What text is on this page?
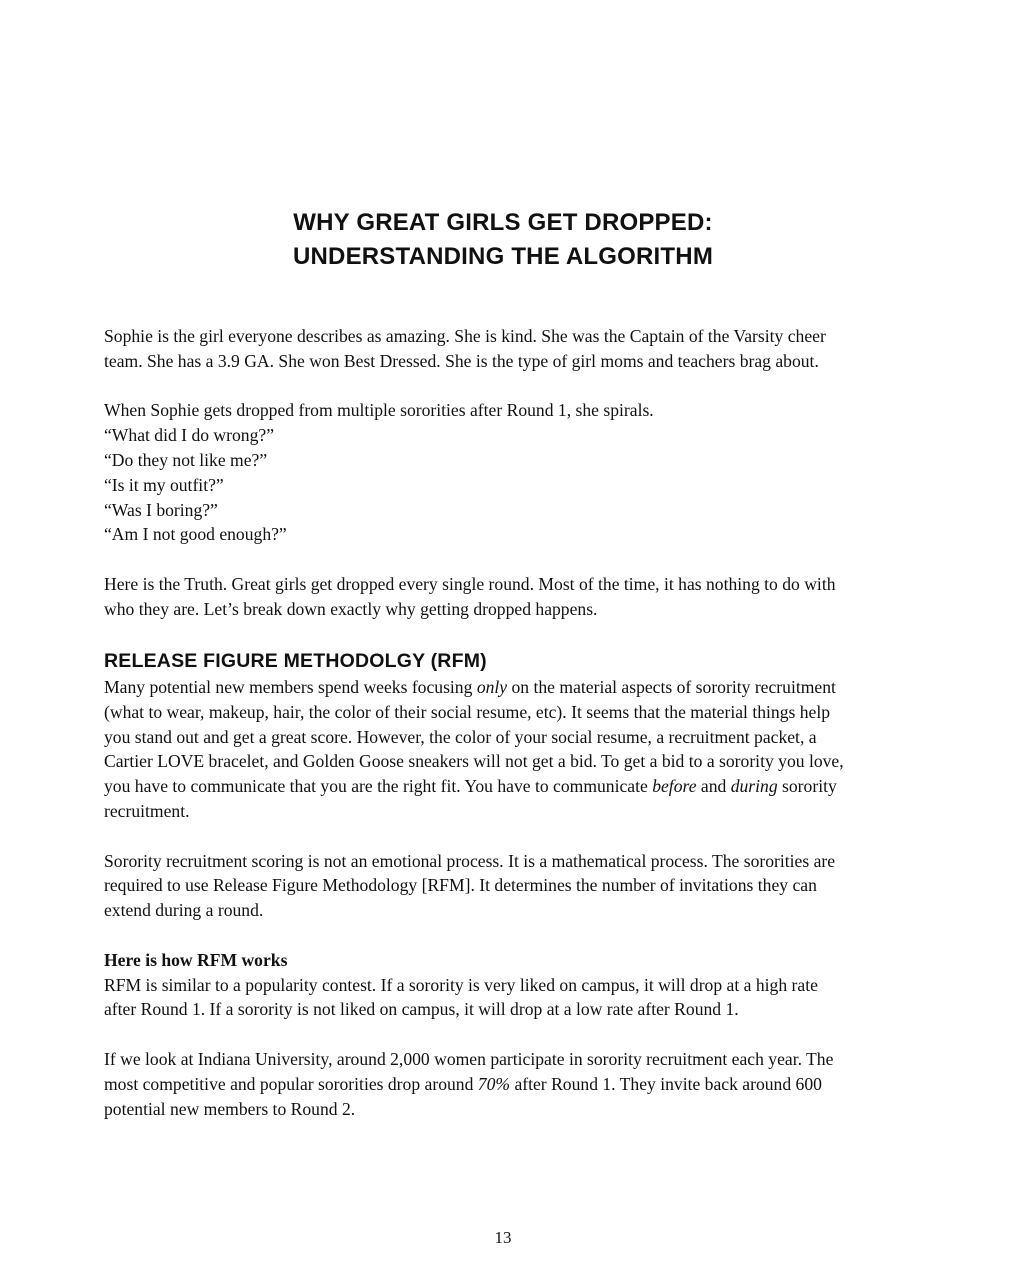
WHY GREAT GIRLS GET DROPPED:
UNDERSTANDING THE ALGORITHM

Sophie is the girl everyone describes as amazing. She is kind. She was the Captain of the Varsity cheer
team. She has a 3.9 GA. She won Best Dressed. She is the type of girl moms and teachers brag about.

When Sophie gets dropped from multiple sororities after Round 1, she spirals.
“What did I do wrong?”
“Do they not like me?”
“Is it my outfit?”
“Was I boring?”
“Am I not good enough?”

Here is the Truth. Great girls get dropped every single round. Most of the time, it has nothing to do with
who they are. Let’s break down exactly why getting dropped happens.

RELEASE FIGURE METHODOLGY (RFM)

Many potential new members spend weeks focusing only on the material aspects of sorority recruitment
(what to wear, makeup, hair, the color of their social resume, etc). It seems that the material things help
you stand out and get a great score. However, the color of your social resume, a recruitment packet, a
Cartier LOVE bracelet, and Golden Goose sneakers will not get a bid. To get a bid to a sorority you love,
you have to communicate that you are the right fit. You have to communicate before and during sorority
recruitment.

Sorority recruitment scoring is not an emotional process. It is a mathematical process. The sororities are
required to use Release Figure Methodology [RFM]. It determines the number of invitations they can
extend during a round.

Here is how RFM works
RFM is similar to a popularity contest. If a sorority is very liked on campus, it will drop at a high rate
after Round 1. If a sorority is not liked on campus, it will drop at a low rate after Round 1.

If we look at Indiana University, around 2,000 women participate in sorority recruitment each year. The
most competitive and popular sororities drop around 70% after Round 1. They invite back around 600
potential new members to Round 2.

13
